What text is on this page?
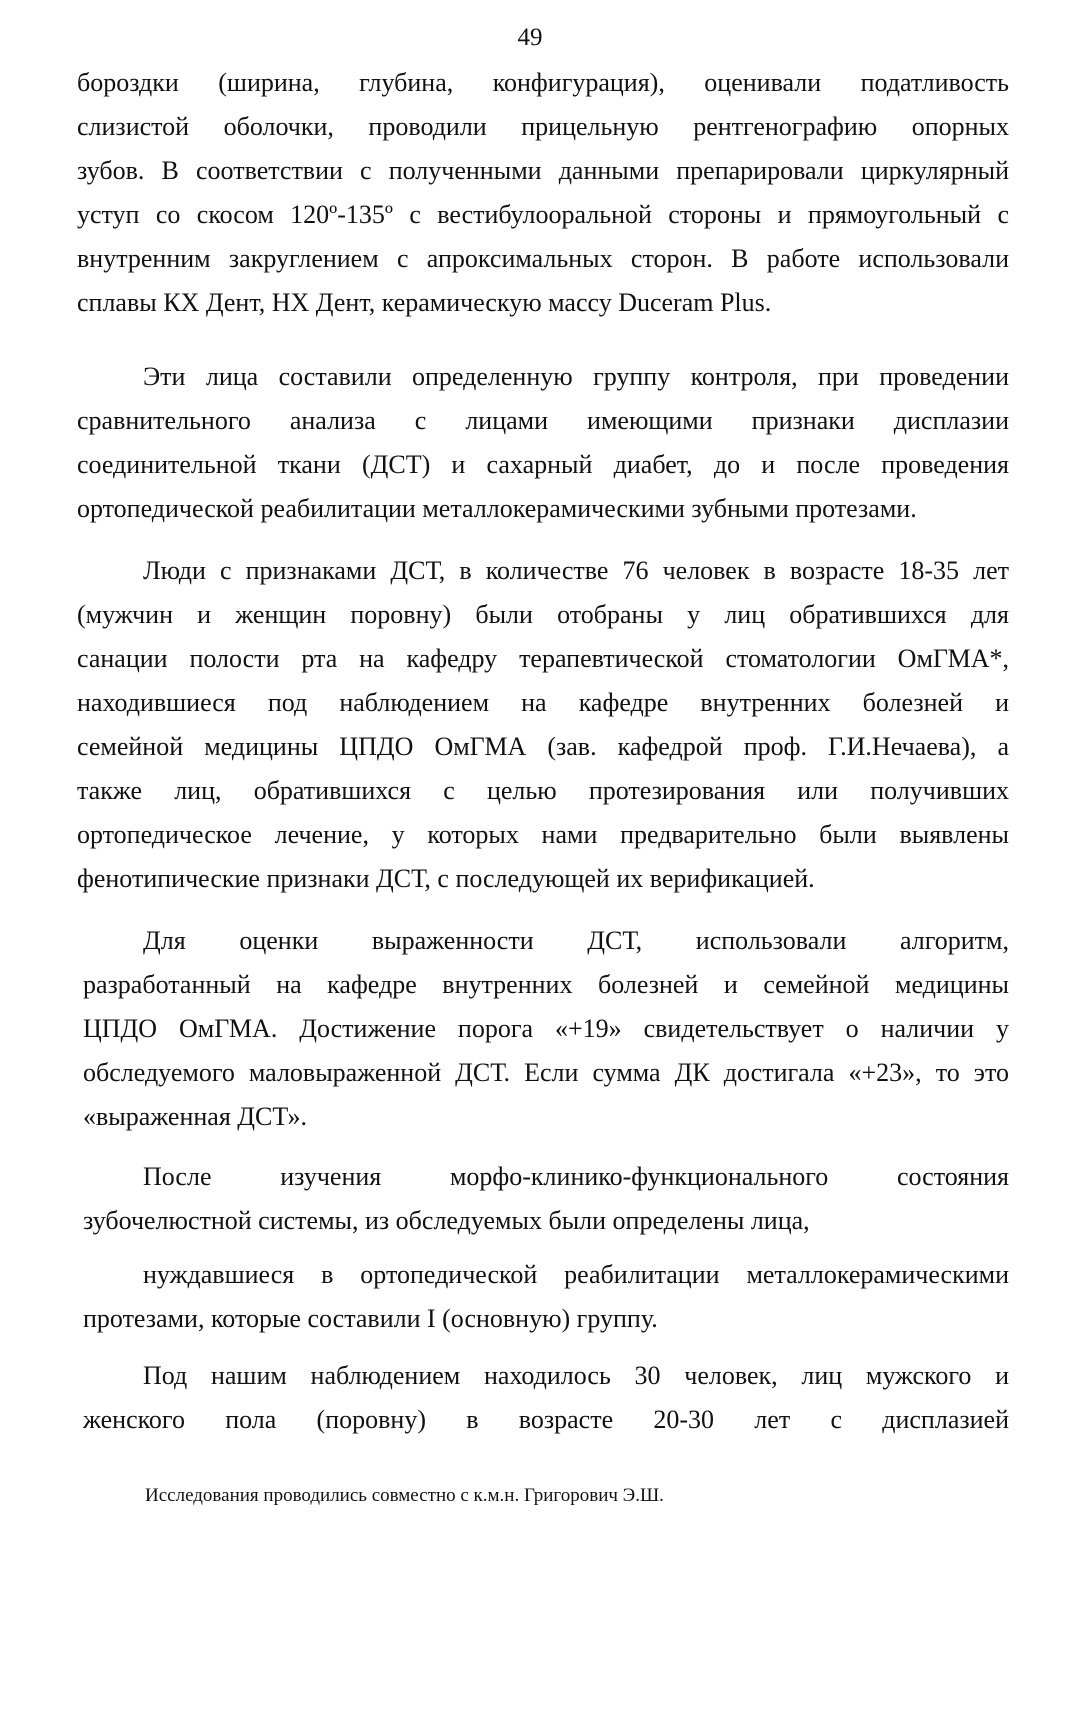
49
бороздки (ширина, глубина, конфигурация), оценивали податливость
слизистой оболочки, проводили прицельную рентгенографию опорных
зубов. В соответствии с полученными данными препарировали циркулярный
уступ со скосом 120º-135º с вестибулооральной стороны и прямоугольный с
внутренним закруглением с апроксимальных сторон. В работе использовали
сплавы КХ Дент, НХ Дент, керамическую массу Duceram Plus.
Эти лица составили определенную группу контроля, при проведении
сравнительного анализа с лицами имеющими признаки дисплазии
соединительной ткани (ДСТ) и сахарный диабет, до и после проведения
ортопедической реабилитации металлокерамическими зубными протезами.
Люди с признаками ДСТ, в количестве 76 человек в возрасте 18-35 лет
(мужчин и женщин поровну) были отобраны у лиц обратившихся для
санации полости рта на кафедру терапевтической стоматологии ОмГМА*,
находившиеся под наблюдением на кафедре внутренних болезней и
семейной медицины ЦПДО ОмГМА (зав. кафедрой проф. Г.И.Нечаева), а
также лиц, обратившихся с целью протезирования или получивших
ортопедическое лечение, у которых нами предварительно были выявлены
фенотипические признаки ДСТ, с последующей их верификацией.
Для оценки выраженности ДСТ, использовали алгоритм,
разработанный на кафедре внутренних болезней и семейной медицины
ЦПДО ОмГМА. Достижение порога «+19» свидетельствует о наличии у
обследуемого маловыраженной ДСТ. Если сумма ДК достигала «+23», то это
«выраженная ДСТ».
После изучения морфо-клинико-функционального состояния
зубочелюстной системы, из обследуемых были определены лица,
нуждавшиеся в ортопедической реабилитации металлокерамическими
протезами, которые составили I (основную) группу.
Под нашим наблюдением находилось 30 человек, лиц мужского и
женского пола (поровну) в возрасте 20-30 лет с дисплазией
Исследования проводились совместно с к.м.н. Григорович Э.Ш.
